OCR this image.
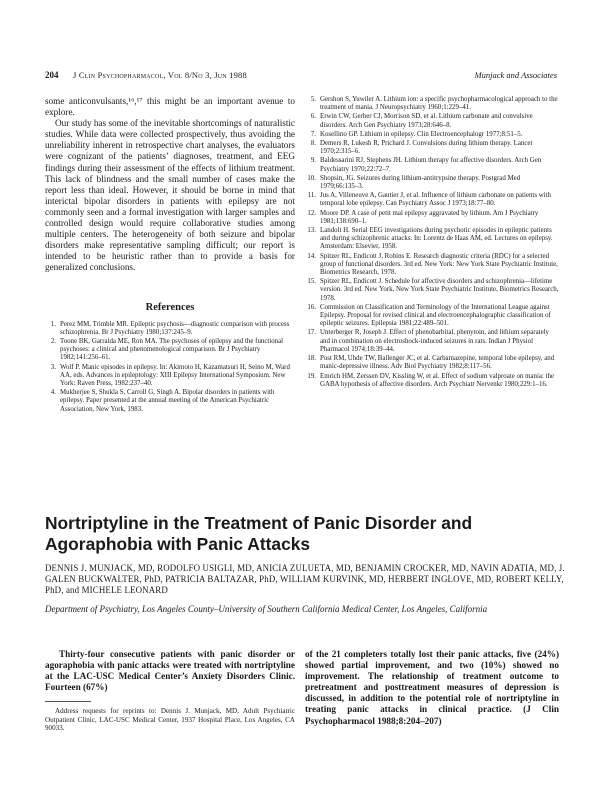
204 J Clin Psychopharmacol, Vol 8/No 3, Jun 1988	Munjack and Associates

some anticonvulsants,¹⁶,¹⁷ this might be an important avenue to explore.

Our study has some of the inevitable shortcomings of naturalistic studies. While data were collected prospectively, thus avoiding the unreliability inherent in retrospective chart analyses, the evaluators were cognizant of the patients’ diagnoses, treatment, and EEG findings during their assessment of the effects of lithium treatment. This lack of blindness and the small number of cases make the report less than ideal. However, it should be borne in mind that interictal bipolar disorders in patients with epilepsy are not commonly seen and a formal investigation with larger samples and controlled design would require collaborative studies among multiple centers. The heterogeneity of both seizure and bipolar disorders make representative sampling difficult; our report is intended to be heuristic rather than to provide a basis for generalized conclusions.

References
1. Perez MM, Trimble MR. Epileptic psychosis—diagnostic comparison with process schizophrenia. Br J Psychiatry 1980;137:245–9.
2. Toone BK, Garralda ME, Ron MA. The psychoses of epilepsy and the functional psychoses: a clinical and phenomenological comparison. Br J Psychiatry 1982;141:256–61.
3. Wolf P. Manic episodes in epilepsy. In: Akimoto H, Kazamatsuri H, Seino M, Ward AA, eds. Advances in epileptology: XIII Epilepsy International Symposium. New York: Raven Press, 1982:237–40.
4. Mukherjee S, Shukla S, Carroll G, Singh A. Bipolar disorders in patients with epilepsy. Paper presented at the annual meeting of the American Psychiatric Association, New York, 1983.
5. Gershon S, Yuwiler A. Lithium ion: a specific psychopharmacological approach to the treatment of mania. J Neuropsychiatry 1960;1:229–41.
6. Erwin CW, Gerber CJ, Morrison SD, et al. Lithium carbonate and convulsive disorders. Arch Gen Psychiatry 1973;28:646–8.
7. Kosellino GP. Lithium in epilepsy. Clin Electroencephalogr 1977;8:51–5.
8. Demers R, Lukesh R, Prichard J. Convulsions during lithium therapy. Lancet 1970;2:315–6.
9. Baldessarini RJ, Stephens JH. Lithium therapy for affective disorders. Arch Gen Psychiatry 1970;22:72–7.
10. Shopsin, JG. Seizures during lithium-antitrypsine therapy. Postgrad Med 1979;66:135–3.
11. Jus A, Villeneuve A, Gautier J, et al. Influence of lithium carbonate on patients with temporal lobe epilepsy. Can Psychiatry Assoc J 1973;18:77–80.
12. Moore DP. A case of petit mal epilepsy aggravated by lithium. Am J Psychiatry 1981;138:690–1.
13. Landolt H. Serial EEG investigations during psychotic episodes in epileptic patients and during schizophrenic attacks. In: Lorentz de Haas AM, ed. Lectures on epilepsy. Amsterdam: Elsevier, 1958.
14. Spitzer RL, Endicott J, Robins E. Research diagnostic criteria (RDC) for a selected group of functional disorders. 3rd ed. New York: New York State Psychiatric Institute, Biometrics Research, 1978.
15. Spitzer RL, Endicott J. Schedule for affective disorders and schizophrenia—lifetime version. 3rd ed. New York, New York State Psychiatric Institute, Biometrics Research, 1978.
16. Commission on Classification and Terminology of the International League against Epilepsy. Proposal for revised clinical and electroencephalographic classification of epileptic seizures. Epilepsia 1981;22:489–501.
17. Unterberger R, Joseph J. Effect of phenobarbital, phenytoin, and lithium separately and in combination on electroshock-induced seizures in rats. Indian J Physiol Pharmacol 1974;18:39–44.
18. Post RM, Uhde TW, Ballenger JC, et al. Carbamazepine, temporal lobe epilepsy, and manic-depressive illness. Adv Biol Psychiatry 1982;8:117–56.
19. Emrich HM, Zerssen DV, Kissling W, et al. Effect of sodium valproate on mania: the GABA hypothesis of affective disorders. Arch Psychiatr Nervenkr 1980;229:1–16.
Nortriptyline in the Treatment of Panic Disorder and Agoraphobia with Panic Attacks
DENNIS J. MUNJACK, MD, RODOLFO USIGLI, MD, ANICIA ZULUETA, MD, BENJAMIN CROCKER, MD, NAVIN ADATIA, MD, J. GALEN BUCKWALTER, PhD, PATRICIA BALTAZAR, PhD, WILLIAM KURVINK, MD, HERBERT INGLOVE, MD, ROBERT KELLY, PhD, and MICHELE LEONARD
Department of Psychiatry, Los Angeles County–University of Southern California Medical Center, Los Angeles, California

Thirty-four consecutive patients with panic disorder or agoraphobia with panic attacks were treated with nortriptyline at the LAC-USC Medical Center’s Anxiety Disorders Clinic. Fourteen (67%)

Address requests for reprints to: Dennis J. Munjack, MD, Adult Psychiatric Outpatient Clinic, LAC-USC Medical Center, 1937 Hospital Place, Los Angeles, CA 90033.

of the 21 completers totally lost their panic attacks, five (24%) showed partial improvement, and two (10%) showed no improvement. The relationship of treatment outcome to pretreatment and posttreatment measures of depression is discussed, in addition to the potential role of nortriptyline in treating panic attacks in clinical practice. (J Clin Psychopharmacol 1988;8:204–207)
